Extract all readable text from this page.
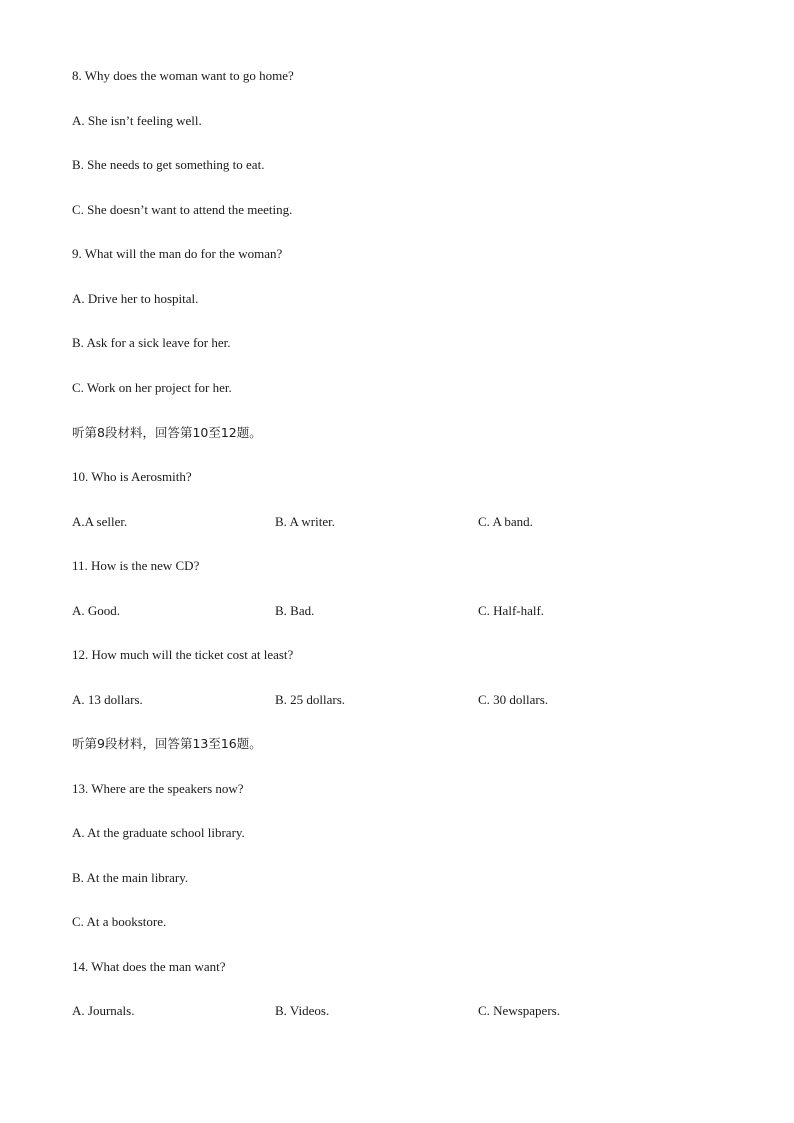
8. Why does the woman want to go home?
A. She isn’t feeling well.
B. She needs to get something to eat.
C. She doesn’t want to attend the meeting.
9. What will the man do for the woman?
A. Drive her to hospital.
B. Ask for a sick leave for her.
C. Work on her project for her.
听第8段材料，回答第10至12题。
10. Who is Aerosmith?
A.A seller.	B. A writer.	C. A band.
11. How is the new CD?
A. Good.	B. Bad.	C. Half-half.
12. How much will the ticket cost at least?
A. 13 dollars.	B. 25 dollars.	C. 30 dollars.
听第9段材料，回答第13至16题。
13. Where are the speakers now?
A. At the graduate school library.
B. At the main library.
C. At a bookstore.
14. What does the man want?
A. Journals.	B. Videos.	C. Newspapers.
